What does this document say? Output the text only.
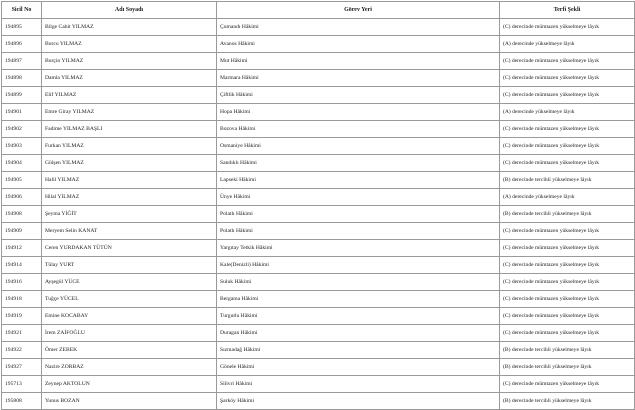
Sicil No	Adı Soyadı	Görev Yeri	Terfi Şekli
194895	Bilge Cahit YILMAZ	Çumandı Hâkimi	(C) derecinde mümtazen yükselmeye lâyık
194896	Burcu YILMAZ	Avanos Hâkimi	(A) derecinde yükselmeye lâyık
194897	Burçin YILMAZ	Mut Hâkimi	(C) derecinde mümtazen yükselmeye lâyık
194898	Damla YILMAZ	Marmara Hâkimi	(C) derecinde mümtazen yükselmeye lâyık
194899	Elif YILMAZ	Çiftlik Hâkimi	(C) derecinde mümtazen yükselmeye lâyık
194901	Emre Giray YILMAZ	Hopa Hâkimi	(A) derecinde yükselmeye lâyık
194902	Fadime YILMAZ BAŞLI	Bozova Hâkimi	(C) derecinde mümtazen yükselmeye lâyık
194903	Furkan YILMAZ	Osmaniye Hâkimi	(C) derecinde mümtazen yükselmeye lâyık
194904	Gülşen YILMAZ	Sandıklı Hâkimi	(C) derecinde mümtazen yükselmeye lâyık
194905	Halil YILMAZ	Lapseki Hâkimi	(B) derecinde tercihli yükselmeye lâyık
194906	Hilal YILMAZ	Ünye Hâkimi	(A) derecinde yükselmeye lâyık
194908	Şeyma YİĞİT	Polatlı Hâkimi	(B) derecinde tercihli yükselmeye lâyık
194909	Meryem Selin KANAT	Polatlı Hâkimi	(C) derecinde mümtazen yükselmeye lâyık
194912	Ceren YURDAKAN TÜTÜN	Yargıtay Tetkik Hâkimi	(C) derecinde mümtazen yükselmeye lâyık
194914	Tülay YURT	Kale(Denizli) Hâkimi	(C) derecinde mümtazen yükselmeye lâyık
194916	Ayşegül YÜCE	Suluk Hâkimi	(C) derecinde mümtazen yükselmeye lâyık
194918	Tuğçe YÜCEL	Bergama Hâkimi	(C) derecinde mümtazen yükselmeye lâyık
194919	Emine KOCABAY	Turgutlu Hâkimi	(C) derecinde mümtazen yükselmeye lâyık
194921	İrem ZAİFOĞLU	Duragan Hâkimi	(C) derecinde mümtazen yükselmeye lâyık
194922	Ömer ZEBEK	Sızmadağ Hâkimi	(B) derecinde tercihli yükselmeye lâyık
194927	Nazire ZORBAZ	Gönele Hâkimi	(B) derecinde tercihli yükselmeye lâyık
195713	Zeynep AKTOLUN	Silivri Hâkimi	(C) derecinde mümtazen yükselmeye lâyık
195808	Yunus BOZAN	Şarköy Hâkimi	(B) derecinde tercihli yükselmeye lâyık
